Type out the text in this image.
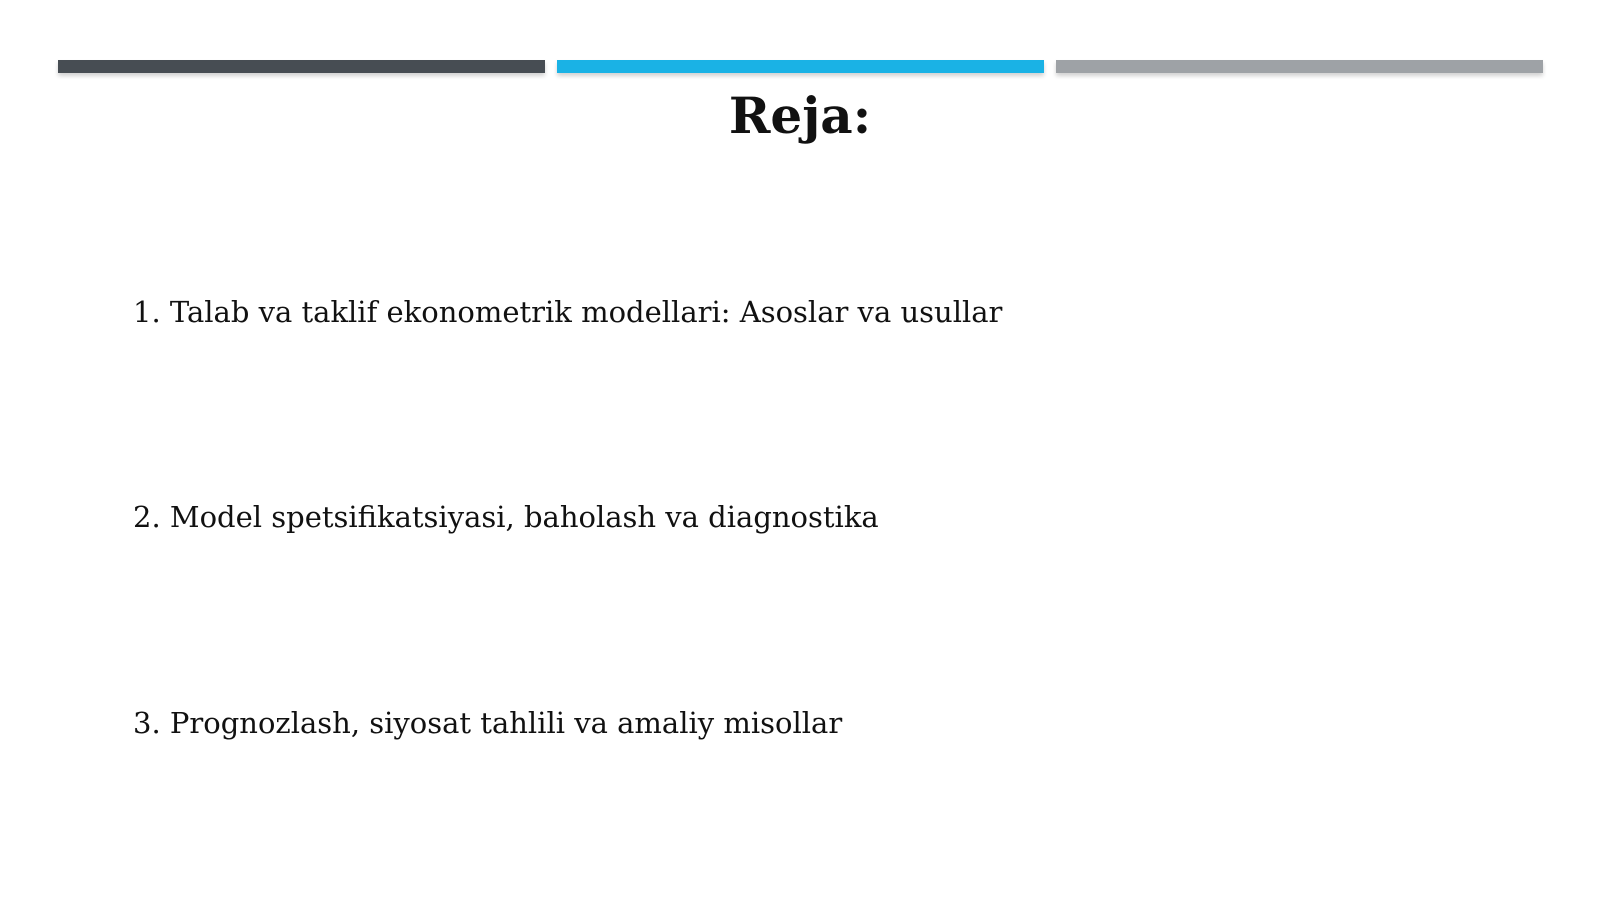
Reja:
1. Talab va taklif ekonometrik modellari: Asoslar va usullar
2. Model spetsifikatsiyasi, baholash va diagnostika
3. Prognozlash, siyosat tahlili va amaliy misollar
